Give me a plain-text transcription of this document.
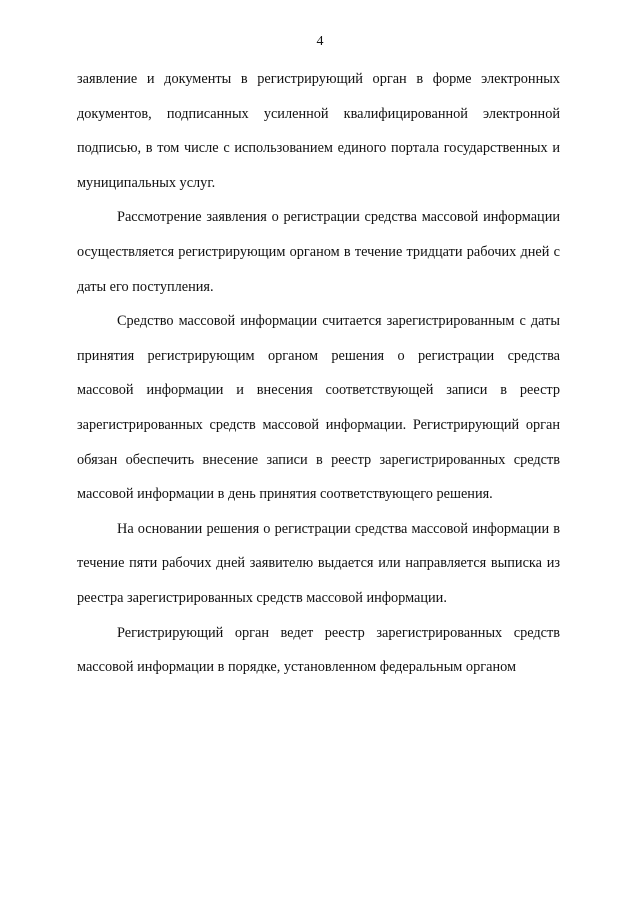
4

заявление и документы в регистрирующий орган в форме электронных документов, подписанных усиленной квалифицированной электронной подписью, в том числе с использованием единого портала государственных и муниципальных услуг.

Рассмотрение заявления о регистрации средства массовой информации осуществляется регистрирующим органом в течение тридцати рабочих дней с даты его поступления.

Средство массовой информации считается зарегистрированным с даты принятия регистрирующим органом решения о регистрации средства массовой информации и внесения соответствующей записи в реестр зарегистрированных средств массовой информации. Регистрирующий орган обязан обеспечить внесение записи в реестр зарегистрированных средств массовой информации в день принятия соответствующего решения.

На основании решения о регистрации средства массовой информации в течение пяти рабочих дней заявителю выдается или направляется выписка из реестра зарегистрированных средств массовой информации.

Регистрирующий орган ведет реестр зарегистрированных средств массовой информации в порядке, установленном федеральным органом
